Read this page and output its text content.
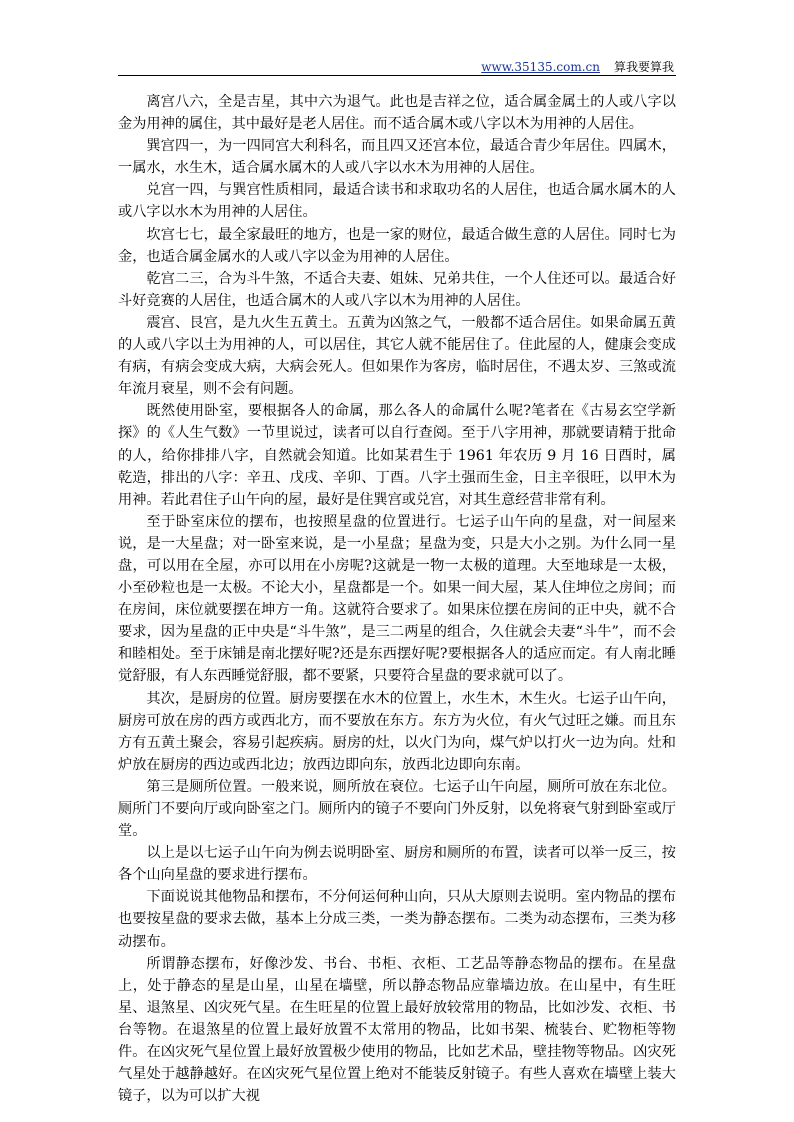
www.35135.com.cn 算我要算我

离宫八六，全是吉星，其中六为退气。此也是吉祥之位，适合属金属土的人或八字以金为用神的属住，其中最好是老人居住。而不适合属木或八字以木为用神的人居住。

巽宫四一，为一四同宫大利科名，而且四又还宫本位，最适合青少年居住。四属木，一属水，水生木，适合属水属木的人或八字以水木为用神的人居住。

兑宫一四，与巽宫性质相同，最适合读书和求取功名的人居住，也适合属水属木的人或八字以水木为用神的人居住。

坎宫七七，最全家最旺的地方，也是一家的财位，最适合做生意的人居住。同时七为金，也适合属金属水的人或八字以金为用神的人居住。

乾宫二三，合为斗牛煞，不适合夫妻、姐妹、兄弟共住，一个人住还可以。最适合好斗好竞赛的人居住，也适合属木的人或八字以木为用神的人居住。

震宫、艮宫，是九火生五黄土。五黄为凶煞之气，一般都不适合居住。如果命属五黄的人或八字以土为用神的人，可以居住，其它人就不能居住了。住此屋的人，健康会变成有病，有病会变成大病，大病会死人。但如果作为客房，临时居住，不遇太岁、三煞或流年流月衰星，则不会有问题。

既然使用卧室，要根据各人的命属，那么各人的命属什么呢?笔者在《古易玄空学新探》的《人生气数》一节里说过，读者可以自行查阅。至于八字用神，那就要请精于批命的人，给你排排八字，自然就会知道。比如某君生于 1961 年农历 9 月 16 日酉时，属乾造，排出的八字：辛丑、戊戌、辛卯、丁酉。八字土强而生金，日主辛很旺，以甲木为用神。若此君住子山午向的屋，最好是住巽宫或兑宫，对其生意经营非常有利。

至于卧室床位的摆布，也按照星盘的位置进行。七运子山午向的星盘，对一间屋来说，是一大星盘；对一卧室来说，是一小星盘；星盘为变，只是大小之别。为什么同一星盘，可以用在全屋，亦可以用在小房呢?这就是一物一太极的道理。大至地球是一太极，小至砂粒也是一太极。不论大小，星盘都是一个。如果一间大屋，某人住坤位之房间；而在房间，床位就要摆在坤方一角。这就符合要求了。如果床位摆在房间的正中央，就不合要求，因为星盘的正中央是“斗牛煞”，是三二两星的组合，久住就会夫妻“斗牛”，而不会和睦相处。至于床铺是南北摆好呢?还是东西摆好呢?要根据各人的适应而定。有人南北睡觉舒服，有人东西睡觉舒服，都不要紧，只要符合星盘的要求就可以了。

其次，是厨房的位置。厨房要摆在水木的位置上，水生木，木生火。七运子山午向，厨房可放在房的西方或西北方，而不要放在东方。东方为火位，有火气过旺之嫌。而且东方有五黄土聚会，容易引起疾病。厨房的灶，以火门为向，煤气炉以打火一边为向。灶和炉放在厨房的西边或西北边；放西边即向东，放西北边即向东南。

第三是厕所位置。一般来说，厕所放在衰位。七运子山午向屋，厕所可放在东北位。厕所门不要向厅或向卧室之门。厕所内的镜子不要向门外反射，以免将衰气射到卧室或厅堂。

以上是以七运子山午向为例去说明卧室、厨房和厕所的布置，读者可以举一反三，按各个山向星盘的要求进行摆布。

下面说说其他物品和摆布，不分何运何种山向，只从大原则去说明。室内物品的摆布也要按星盘的要求去做，基本上分成三类，一类为静态摆布。二类为动态摆布，三类为移动摆布。

所谓静态摆布，好像沙发、书台、书柜、衣柜、工艺品等静态物品的摆布。在星盘上，处于静态的星是山星，山星在墙壁，所以静态物品应靠墙边放。在山星中，有生旺星、退煞星、凶灾死气星。在生旺星的位置上最好放较常用的物品，比如沙发、衣柜、书台等物。在退煞星的位置上最好放置不太常用的物品，比如书架、梳装台、贮物柜等物件。在凶灾死气星位置上最好放置极少使用的物品，比如艺术品，壁挂物等物品。凶灾死气星处于越静越好。在凶灾死气星位置上绝对不能装反射镜子。有些人喜欢在墙壁上装大镜子，以为可以扩大视
